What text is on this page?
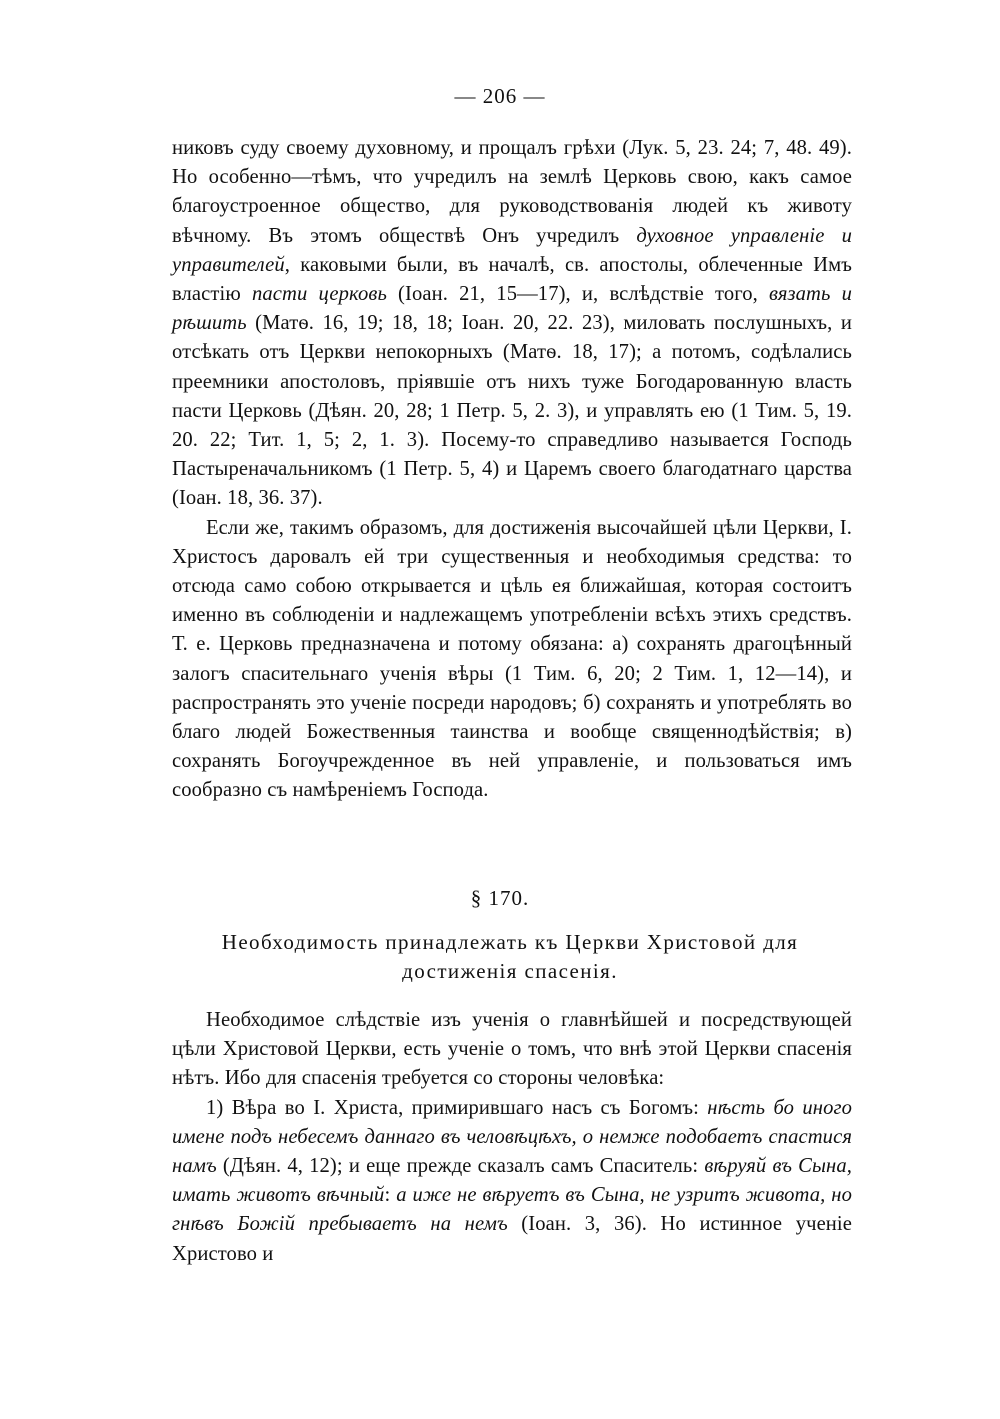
— 206 —

никовъ суду своему духовному, и прощалъ грѣхи (Лук. 5, 23. 24; 7, 48. 49). Но особенно—тѣмъ, что учредилъ на землѣ Церковь свою, какъ самое благоустроенное общество, для руководствованія людей къ животу вѣчному. Въ этомъ обществѣ Онъ учредилъ духовное управленіе и управителей, каковыми были, въ началѣ, св. апостолы, облеченные Имъ властію пасти церковь (Іоан. 21, 15—17), и, вслѣдствіе того, вязать и рѣшить (Матѳ. 16, 19; 18, 18; Іоан. 20, 22. 23), миловать послушныхъ, и отсѣкать отъ Церкви непокорныхъ (Матѳ. 18, 17); а потомъ, содѣлались преемники апостоловъ, пріявшіе отъ нихъ туже Богодарованную власть пасти Церковь (Дѣян. 20, 28; 1 Петр. 5, 2. 3), и управлять ею (1 Тим. 5, 19. 20. 22; Тит. 1, 5; 2, 1. 3). Посему-то справедливо называется Господь Пастыреначальникомъ (1 Петр. 5, 4) и Царемъ своего благодатнаго царства (Іоан. 18, 36. 37).

Если же, такимъ образомъ, для достиженія высочайшей цѣли Церкви, І. Христосъ даровалъ ей три существенныя и необходимыя средства: то отсюда само собою открывается и цѣль ея ближайшая, которая состоитъ именно въ соблюденіи и надлежащемъ употребленіи всѣхъ этихъ средствъ. Т. е. Церковь предназначена и потому обязана: а) сохранять драгоцѣнный залогъ спасительнаго ученія вѣры (1 Тим. 6, 20; 2 Тим. 1, 12—14), и распространять это ученіе посреди народовъ; б) сохранять и употреблять во благо людей Божественныя таинства и вообще священнодѣйствія; в) сохранять Богоучрежденное въ ней управленіе, и пользоваться имъ сообразно съ намѣреніемъ Господа.

§ 170.
Необходимость принадлежать къ Церкви Христовой для
достиженія спасенія.

Необходимое слѣдствіе изъ ученія о главнѣйшей и посредствующей цѣли Христовой Церкви, есть ученіе о томъ, что внѣ этой Церкви спасенія нѣтъ. Ибо для спасенія требуется со стороны человѣка:

1) Вѣра во І. Христа, примирившаго насъ съ Богомъ: нѣсть бо иного имене подъ небесемъ даннаго въ человѣцѣхъ, о немже подобаетъ спастися намъ (Дѣян. 4, 12); и еще прежде сказалъ самъ Спаситель: вѣруяй въ Сына, имать животъ вѣчный: а иже не вѣруетъ въ Сына, не узритъ живота, но гнѣвъ Божій пребываетъ на немъ (Іоан. 3, 36). Но истинное ученіе Христово и
